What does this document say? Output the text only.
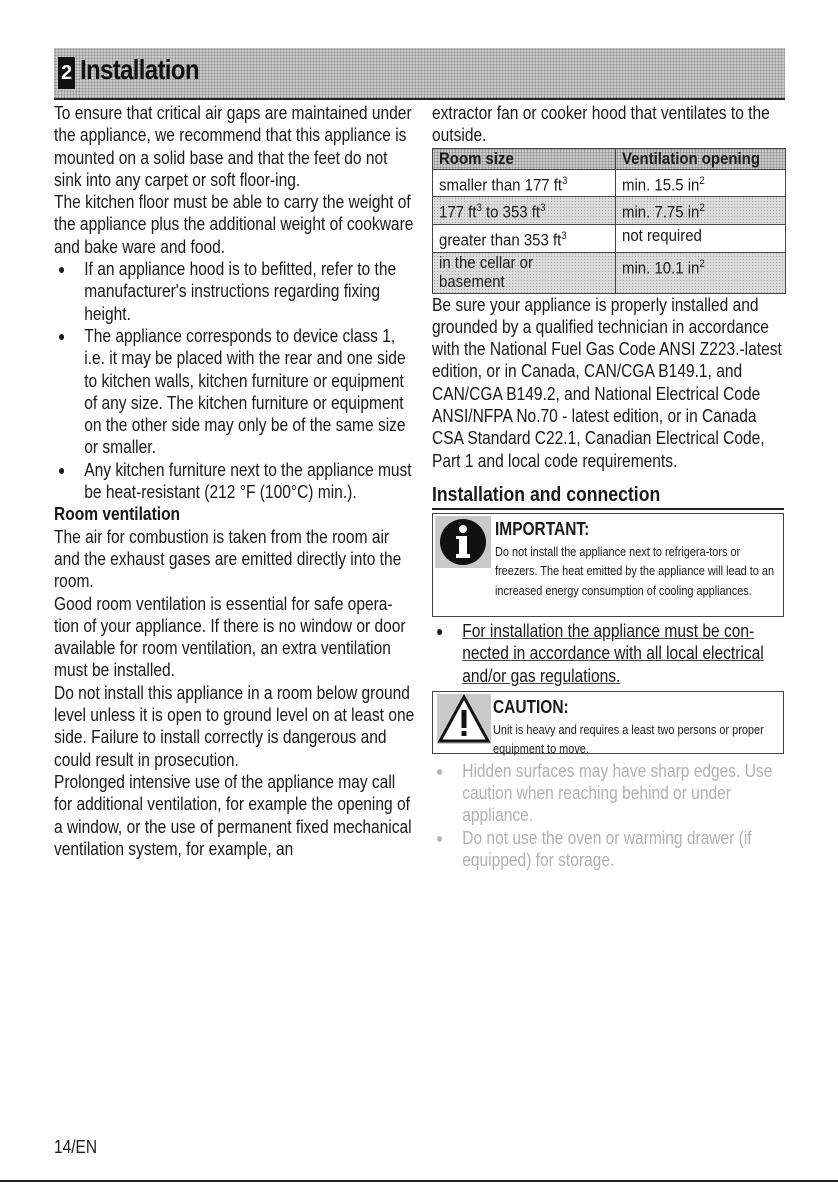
2 Installation

To ensure that critical air gaps are maintained under the appliance, we recommend that this appliance is mounted on a solid base and that the feet do not sink into any carpet or soft floor-ing.

The kitchen floor must be able to carry the weight of the appliance plus the additional weight of cookware and bake ware and food.

If an appliance hood is to befitted, refer to the manufacturer's instructions regarding fixing height.
The appliance corresponds to device class 1, i.e. it may be placed with the rear and one side to kitchen walls, kitchen furniture or equipment of any size. The kitchen furniture or equipment on the other side may only be of the same size or smaller.
Any kitchen furniture next to the appliance must be heat-resistant (212 °F (100°C) min.).

Room ventilation

The air for combustion is taken from the room air and the exhaust gases are emitted directly into the room.

Good room ventilation is essential for safe opera-tion of your appliance. If there is no window or door available for room ventilation, an extra ventilation must be installed.

Do not install this appliance in a room below ground level unless it is open to ground level on at least one side. Failure to install correctly is dangerous and could result in prosecution.

Prolonged intensive use of the appliance may call for additional ventilation, for example the opening of a window, or the use of permanent fixed mechanical ventilation system, for example, an

extractor fan or cooker hood that ventilates to the outside.

Room size	Ventilation opening
smaller than 177 $ft^3$	min. 15.5 $in^2$
177 $ft^3$ to 353 $ft^3$	min. 7.75 $in^2$
greater than 353 $ft^3$	not required
in the cellar or basement	min. 10.1 $in^2$

Be sure your appliance is properly installed and grounded by a qualified technician in accordance with the National Fuel Gas Code ANSI Z223.-latest edition, or in Canada, CAN/CGA B149.1, and CAN/CGA B149.2, and National Electrical Code ANSI/NFPA No.70 - latest edition, or in Canada CSA Standard C22.1, Canadian Electrical Code, Part 1 and local code requirements.

Installation and connection
IMPORTANT:
Do not install the appliance next to refrigera-tors or freezers. The heat emitted by the appliance will lead to an increased energy consumption of cooling appliances.
For installation the appliance must be con-nected in accordance with all local electrical and/or gas regulations.
CAUTION:
Unit is heavy and requires a least two persons or proper equipment to move.
Hidden surfaces may have sharp edges. Use caution when reaching behind or under appliance.
Do not use the oven or warming drawer (if equipped) for storage.
14/EN
